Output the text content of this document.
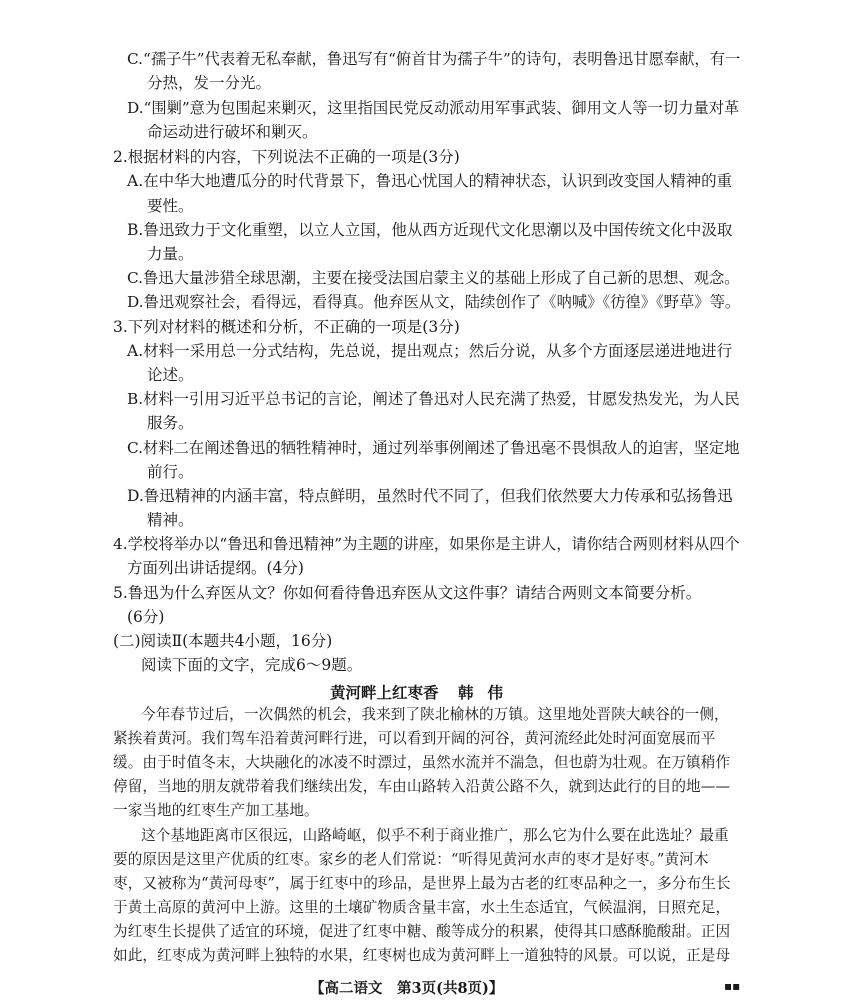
C.“孺子牛”代表着无私奉献，鲁迅写有“俯首甘为孺子牛”的诗句，表明鲁迅甘愿奉献，有一
分热，发一分光。
D.“围剿”意为包围起来剿灭，这里指国民党反动派动用军事武装、御用文人等一切力量对革
命运动进行破坏和剿灭。
2.根据材料的内容，下列说法不正确的一项是(3分)
A.在中华大地遭瓜分的时代背景下，鲁迅心忧国人的精神状态，认识到改变国人精神的重
要性。
B.鲁迅致力于文化重塑，以立人立国，他从西方近现代文化思潮以及中国传统文化中汲取
力量。
C.鲁迅大量涉猎全球思潮，主要在接受法国启蒙主义的基础上形成了自己新的思想、观念。
D.鲁迅观察社会，看得远，看得真。他弃医从文，陆续创作了《呐喊》《彷徨》《野草》等。
3.下列对材料的概述和分析，不正确的一项是(3分)
A.材料一采用总一分式结构，先总说，提出观点；然后分说，从多个方面逐层递进地进行
论述。
B.材料一引用习近平总书记的言论，阐述了鲁迅对人民充满了热爱，甘愿发热发光，为人民
服务。
C.材料二在阐述鲁迅的牺牲精神时，通过列举事例阐述了鲁迅毫不畏惧敌人的迫害，坚定地
前行。
D.鲁迅精神的内涵丰富，特点鲜明，虽然时代不同了，但我们依然要大力传承和弘扬鲁迅
精神。
4.学校将举办以“鲁迅和鲁迅精神”为主题的讲座，如果你是主讲人，请你结合两则材料从四个
方面列出讲话提纲。(4分)
5.鲁迅为什么弃医从文？你如何看待鲁迅弃医从文这件事？请结合两则文本简要分析。
(6分)
(二)阅读Ⅱ(本题共4小题，16分)
阅读下面的文字，完成6～9题。
黄河畔上红枣香 韩伟
今年春节过后，一次偶然的机会，我来到了陕北榆林的万镇。这里地处晋陕大峡谷的一侧，
紧挨着黄河。我们驾车沿着黄河畔行进，可以看到开阔的河谷，黄河流经此处时河面宽展而平
缓。由于时值冬末，大块融化的冰凌不时漂过，虽然水流并不湍急，但也蔚为壮观。在万镇稍作
停留，当地的朋友就带着我们继续出发，车由山路转入沿黄公路不久，就到达此行的目的地——
一家当地的红枣生产加工基地。
这个基地距离市区很远，山路崎岖，似乎不利于商业推广，那么它为什么要在此选址？最重
要的原因是这里产优质的红枣。家乡的老人们常说：“听得见黄河水声的枣才是好枣。”黄河木
枣，又被称为“黄河母枣”，属于红枣中的珍品，是世界上最为古老的红枣品种之一，多分布生长
于黄土高原的黄河中上游。这里的土壤矿物质含量丰富，水土生态适宜，气候温润，日照充足，
为红枣生长提供了适宜的环境，促进了红枣中糖、酸等成分的积累，使得其口感酥脆酸甜。正因
如此，红枣成为黄河畔上独特的水果，红枣树也成为黄河畔上一道独特的风景。可以说，正是母
【高二语文　第3页(共8页)】	▪▪
